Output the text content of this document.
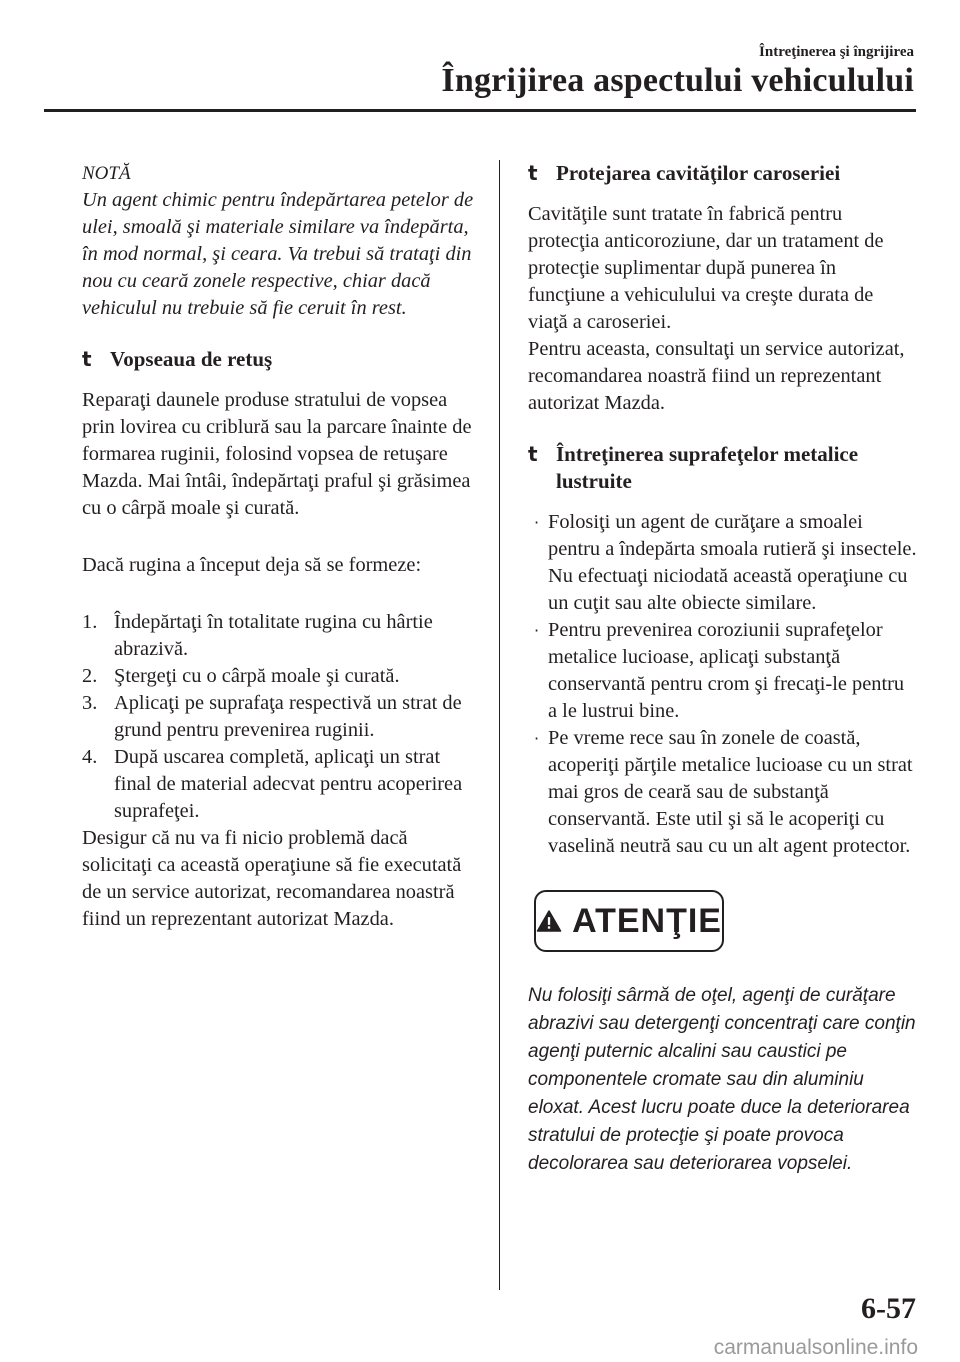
Întreţinerea şi îngrijirea
Îngrijirea aspectului vehiculului

NOTĂ

Un agent chimic pentru îndepărtarea petelor de ulei, smoală şi materiale similare va îndepărta, în mod normal, şi ceara. Va trebui să trataţi din nou cu ceară zonele respective, chiar dacă vehiculul nu trebuie să fie ceruit în rest.

t Vopseaua de retuş

Reparaţi daunele produse stratului de vopsea prin lovirea cu criblură sau la parcare înainte de formarea ruginii, folosind vopsea de retuşare Mazda. Mai întâi, îndepărtaţi praful şi grăsimea cu o cârpă moale şi curată.

Dacă rugina a început deja să se formeze:

1. Îndepărtaţi în totalitate rugina cu hârtie abrazivă.
2. Ştergeţi cu o cârpă moale şi curată.
3. Aplicaţi pe suprafaţa respectivă un strat de grund pentru prevenirea ruginii.
4. După uscarea completă, aplicaţi un strat final de material adecvat pentru acoperirea suprafeţei.

Desigur că nu va fi nicio problemă dacă solicitaţi ca această operaţiune să fie executată de un service autorizat, recomandarea noastră fiind un reprezentant autorizat Mazda.

t Protejarea cavităţilor caroseriei

Cavităţile sunt tratate în fabrică pentru protecţia anticoroziune, dar un tratament de protecţie suplimentar după punerea în funcţiune a vehiculului va creşte durata de viaţă a caroseriei.

Pentru aceasta, consultaţi un service autorizat, recomandarea noastră fiind un reprezentant autorizat Mazda.

t Întreţinerea suprafeţelor metalice lustruite
· Folosiţi un agent de curăţare a smoalei pentru a îndepărta smoala rutieră şi insectele. Nu efectuaţi niciodată această operaţiune cu un cuţit sau alte obiecte similare.
· Pentru prevenirea coroziunii suprafeţelor metalice lucioase, aplicaţi substanţă conservantă pentru crom şi frecaţi-le pentru a le lustrui bine.
· Pe vreme rece sau în zonele de coastă, acoperiţi părţile metalice lucioase cu un strat mai gros de ceară sau de substanţă conservantă. Este util şi să le acoperiţi cu vaselină neutră sau cu un alt agent protector.
ATENŢIE

Nu folosiţi sârmă de oţel, agenţi de curăţare abrazivi sau detergenţi concentraţi care conţin agenţi puternic alcalini sau caustici pe componentele cromate sau din aluminiu eloxat. Acest lucru poate duce la deteriorarea stratului de protecţie şi poate provoca decolorarea sau deteriorarea vopselei.

6-57
carmanualsonline.info
